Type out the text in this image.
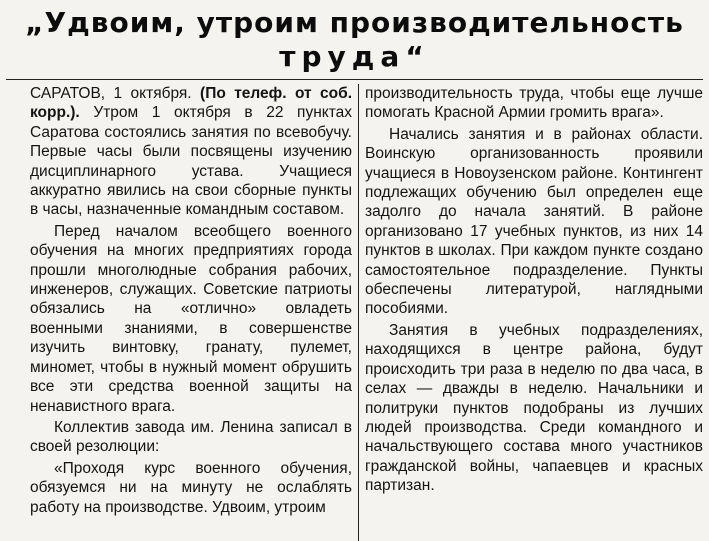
„Удвоим, утроим производительность
труда“

САРАТОВ, 1 октября. (По телеф. от соб. корр.). Утром 1 октября в 22 пунктах Саратова состоялись занятия по всевобучу. Первые часы были посвящены изучению дисциплинарного устава. Учащиеся аккуратно явились на свои сборные пункты в часы, назначенные командным составом.

Перед началом всеобщего военного обучения на многих предприятиях города прошли многолюдные собрания рабочих, инженеров, служащих. Советские патриоты обязались на «отлично» овладеть военными знаниями, в совершенстве изучить винтовку, гранату, пулемет, миномет, чтобы в нужный момент обрушить все эти средства военной защиты на ненавистного врага.

Коллектив завода им. Ленина записал в своей резолюции:

«Проходя курс военного обучения, обязуемся ни на минуту не ослаблять работу на производстве. Удвоим, утроим

производительность труда, чтобы еще лучше помогать Красной Армии громить врага».

Начались занятия и в районах области. Воинскую организованность проявили учащиеся в Новоузенском районе. Контингент подлежащих обучению был определен еще задолго до начала занятий. В районе организовано 17 учебных пунктов, из них 14 пунктов в школах. При каждом пункте создано самостоятельное подразделение. Пункты обеспечены литературой, наглядными пособиями.

Занятия в учебных подразделениях, находящихся в центре района, будут происходить три раза в неделю по два часа, в селах — дважды в неделю. Начальники и политруки пунктов подобраны из лучших людей производства. Среди командного и начальствующего состава много участников гражданской войны, чапаевцев и красных партизан.
